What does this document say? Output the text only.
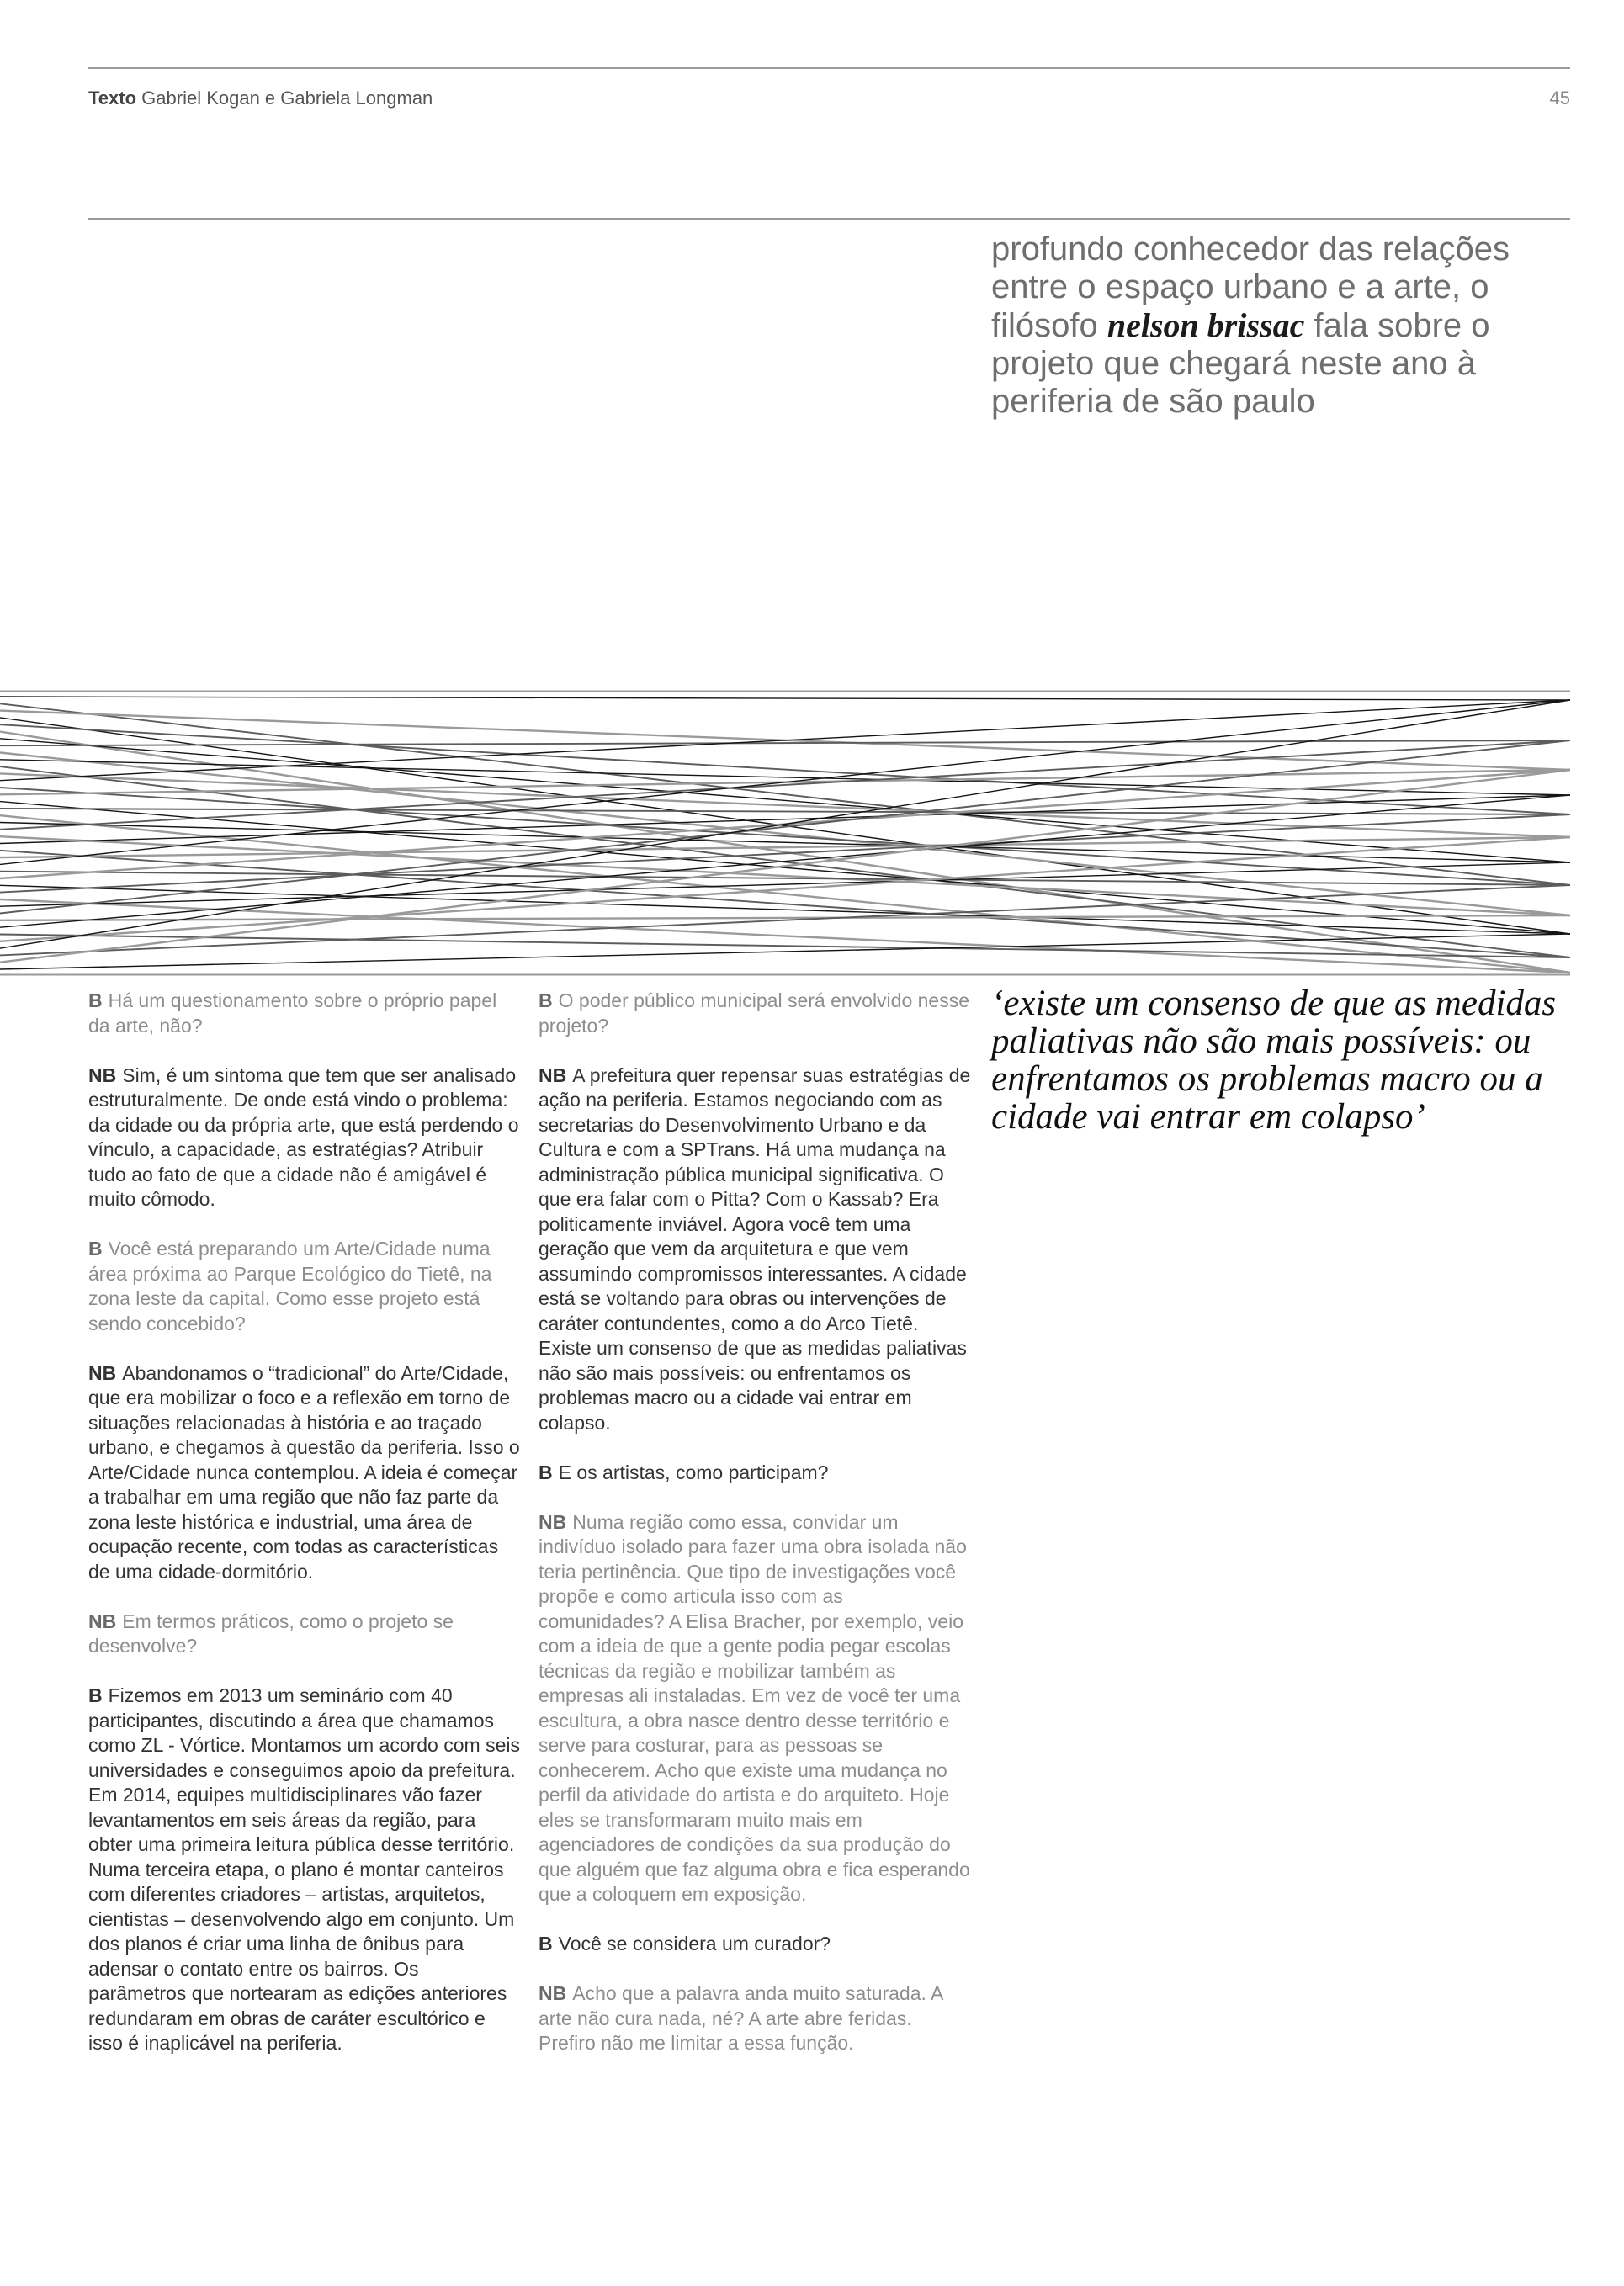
Texto Gabriel Kogan e Gabriela Longman	45
profundo conhecedor das relações entre o espaço urbano e a arte, o filósofo nelson brissac fala sobre o projeto que chegará neste ano à periferia de são paulo

B Há um questionamento sobre o próprio papel da arte, não?

NB Sim, é um sintoma que tem que ser analisado estruturalmente. De onde está vindo o problema: da cidade ou da própria arte, que está perdendo o vínculo, a capacidade, as estratégias? Atribuir tudo ao fato de que a cidade não é amigável é muito cômodo.

B Você está preparando um Arte/Cidade numa área próxima ao Parque Ecológico do Tietê, na zona leste da capital. Como esse projeto está sendo concebido?

NB Abandonamos o “tradicional” do Arte/Cidade, que era mobilizar o foco e a reflexão em torno de situações relacionadas à história e ao traçado urbano, e chegamos à questão da periferia. Isso o Arte/Cidade nunca contemplou. A ideia é começar a trabalhar em uma região que não faz parte da zona leste histórica e industrial, uma área de ocupação recente, com todas as características de uma cidade-dormitório.

NB Em termos práticos, como o projeto se desenvolve?

B Fizemos em 2013 um seminário com 40 participantes, discutindo a área que chamamos como ZL - Vórtice. Montamos um acordo com seis universidades e conseguimos apoio da prefeitura. Em 2014, equipes multidisciplinares vão fazer levantamentos em seis áreas da região, para obter uma primeira leitura pública desse território. Numa terceira etapa, o plano é montar canteiros com diferentes criadores – artistas, arquitetos, cientistas – desenvolvendo algo em conjunto. Um dos planos é criar uma linha de ônibus para adensar o contato entre os bairros. Os parâmetros que nortearam as edições anteriores redundaram em obras de caráter escultórico e isso é inaplicável na periferia.

B O poder público municipal será envolvido nesse projeto?

NB A prefeitura quer repensar suas estratégias de ação na periferia. Estamos negociando com as secretarias do Desenvolvimento Urbano e da Cultura e com a SPTrans. Há uma mudança na administração pública municipal significativa. O que era falar com o Pitta? Com o Kassab? Era politicamente inviável. Agora você tem uma geração que vem da arquitetura e que vem assumindo compromissos interessantes. A cidade está se voltando para obras ou intervenções de caráter contundentes, como a do Arco Tietê. Existe um consenso de que as medidas paliativas não são mais possíveis: ou enfrentamos os problemas macro ou a cidade vai entrar em colapso.

B E os artistas, como participam?

NB Numa região como essa, convidar um indivíduo isolado para fazer uma obra isolada não teria pertinência. Que tipo de investigações você propõe e como articula isso com as comunidades? A Elisa Bracher, por exemplo, veio com a ideia de que a gente podia pegar escolas técnicas da região e mobilizar também as empresas ali instaladas. Em vez de você ter uma escultura, a obra nasce dentro desse território e serve para costurar, para as pessoas se conhecerem. Acho que existe uma mudança no perfil da atividade do artista e do arquiteto. Hoje eles se transformaram muito mais em agenciadores de condições da sua produção do que alguém que faz alguma obra e fica esperando que a coloquem em exposição.

B Você se considera um curador?

NB Acho que a palavra anda muito saturada. A arte não cura nada, né? A arte abre feridas. Prefiro não me limitar a essa função.

‘existe um consenso de que as medidas paliativas não são mais possíveis: ou enfrentamos os problemas macro ou a cidade vai entrar em colapso’
